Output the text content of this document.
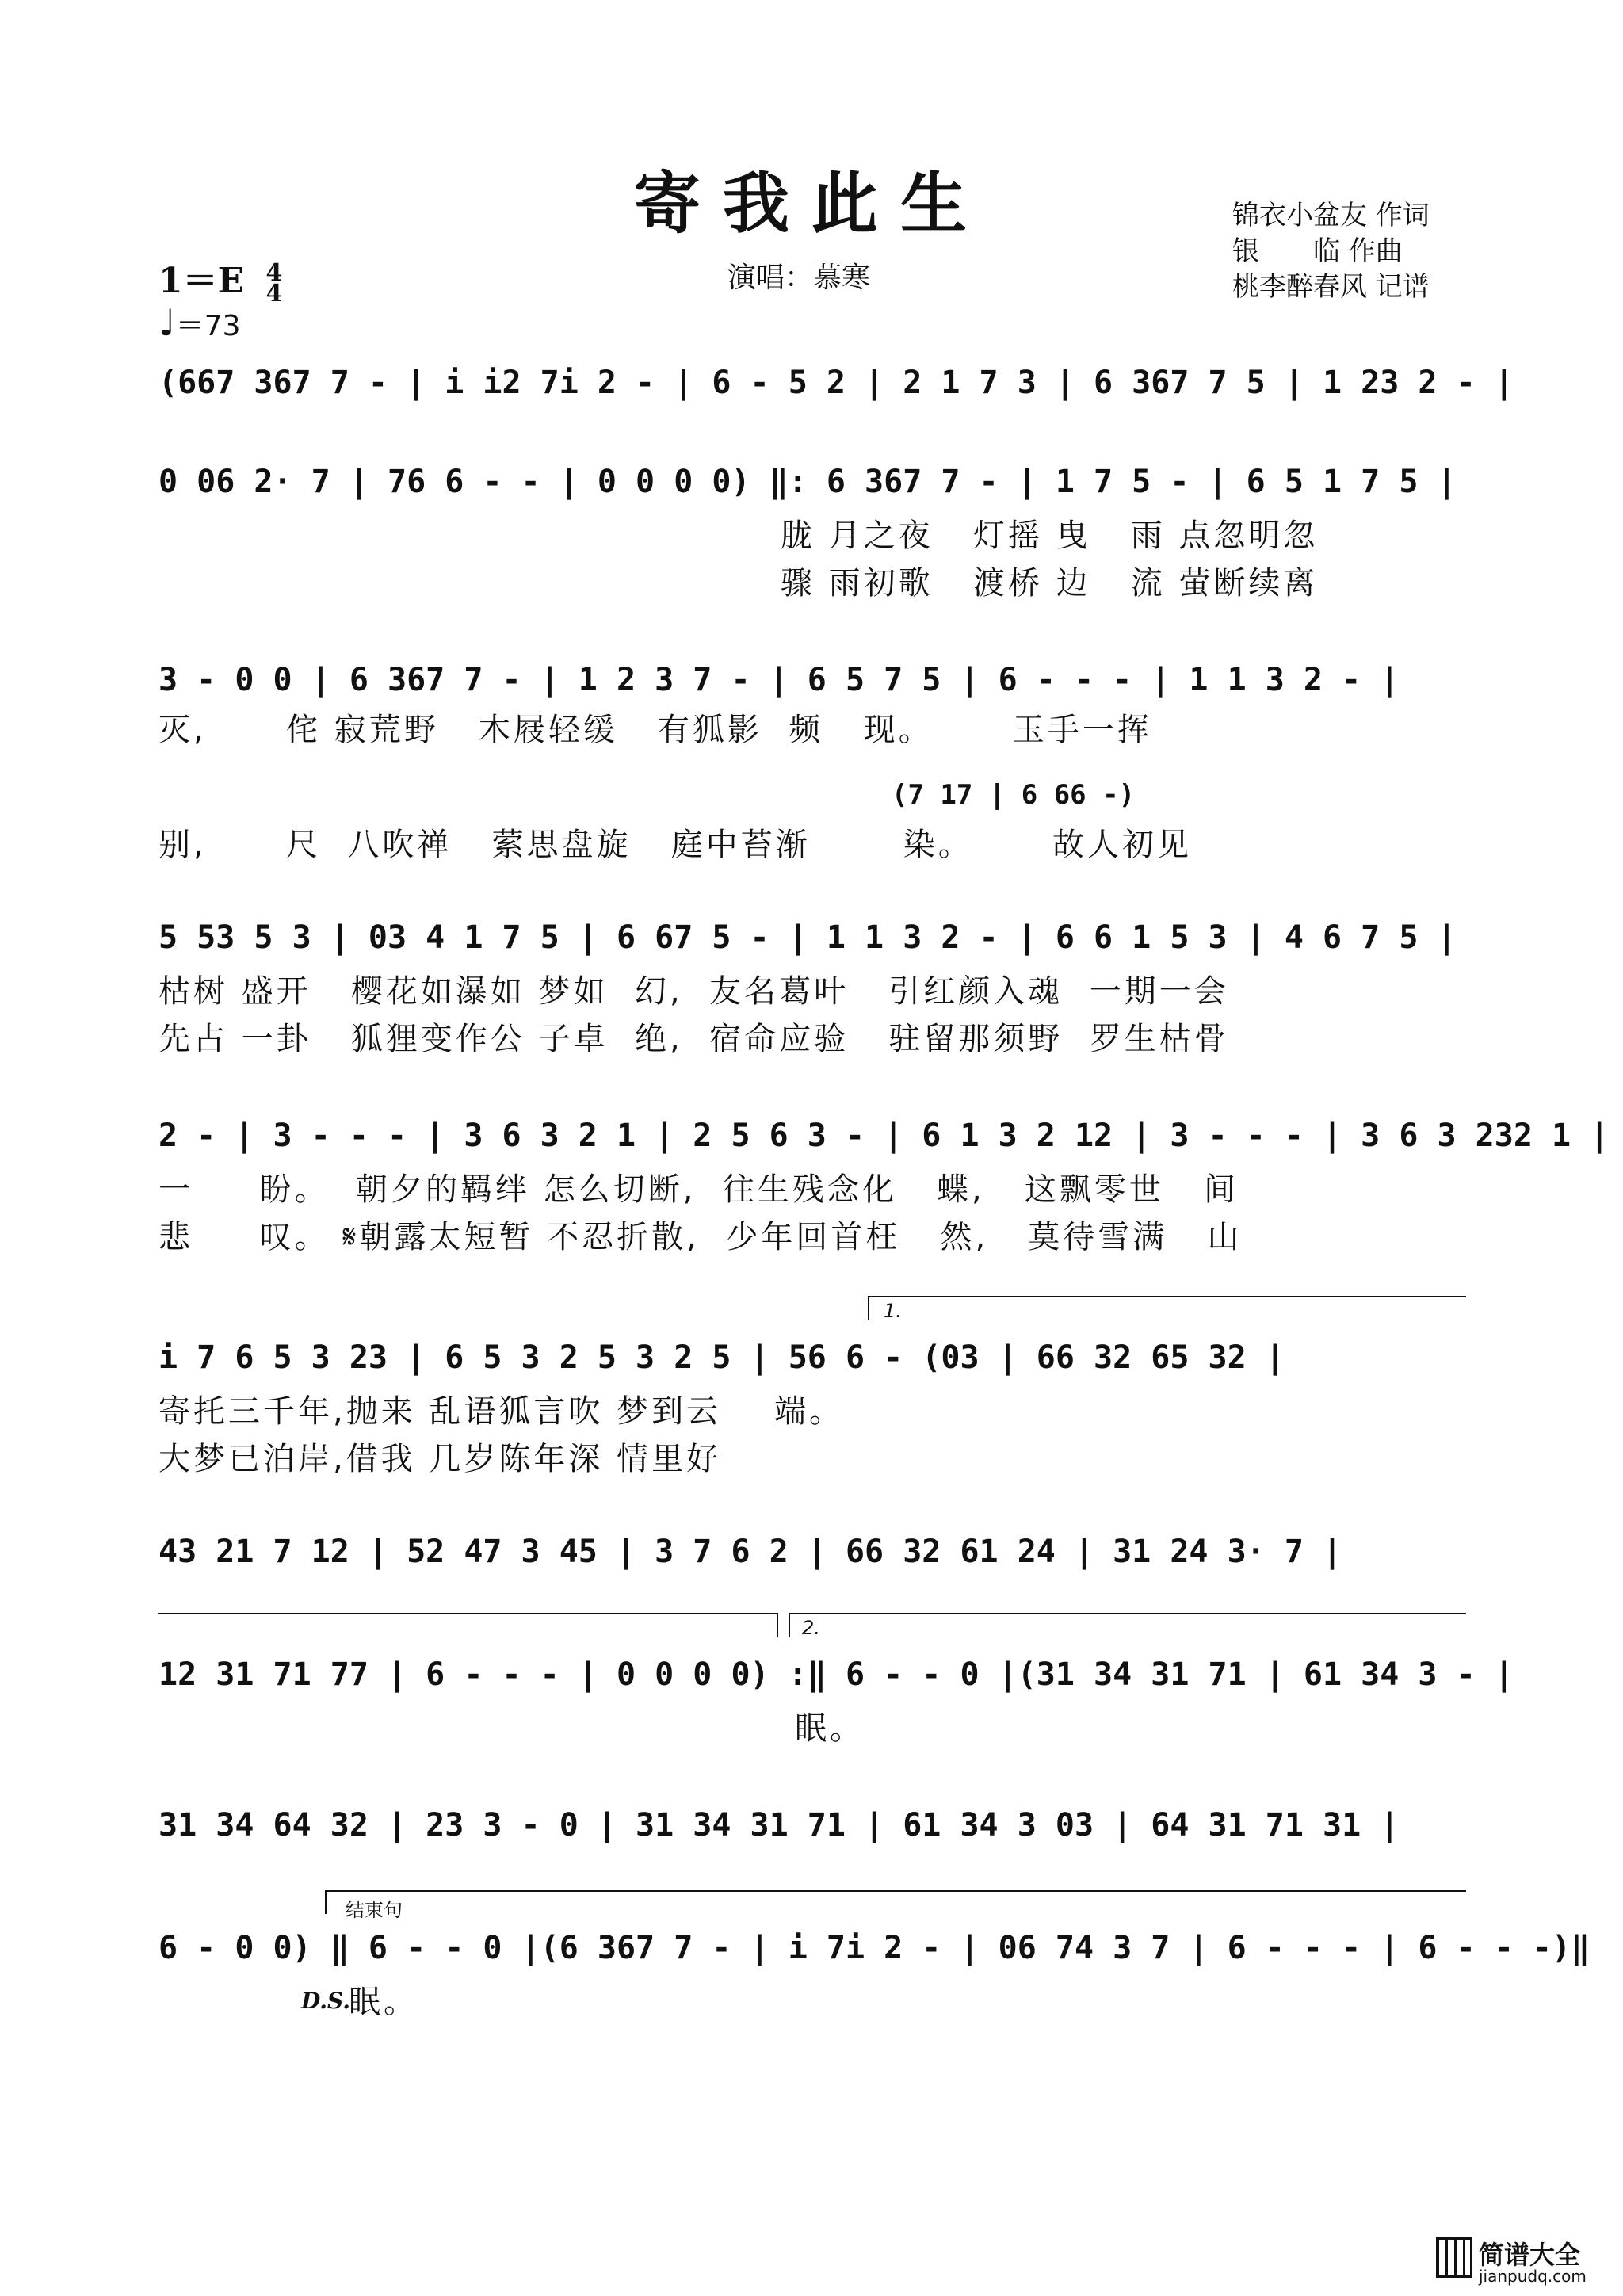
寄我此生
演唱：慕寒
锦衣小盆友 作词
银　　临 作曲
桃李醉春风 记谱
1＝E 4
4
♩＝73
(667 367 7 - | i i2 7i 2 - | 6 - 5 2 | 2 1 7 3 | 6 367 7 5 | 1 23 2 - |
0 06 2· 7 | 76 6 - - | 0 0 0 0) ‖: 6 367 7 - | 1 7 5 - | 6 5 1 7 5 |
胧 月之夜   灯摇 曳   雨 点忽明忽
骤 雨初歌   渡桥 边   流 萤断续离
3 - 0 0 | 6 367 7 - | 1 2 3 7 - | 6 5 7 5 | 6 - - - | 1 1 3 2 - |
灭,      侘 寂荒野   木屐轻缓   有狐影  频   现。      玉手一挥
(7 17 | 6 66 -)
别,      尺  八吹禅   萦思盘旋   庭中苔渐       染。      故人初见
5 53 5 3 | 03 4 1 7 5 | 6 67 5 - | 1 1 3 2 - | 6 6 1 5 3 | 4 6 7 5 |
枯树 盛开   樱花如瀑如 梦如  幻,  友名葛叶   引红颜入魂  一期一会
先占 一卦   狐狸变作公 子卓  绝,  宿命应验   驻留那须野  罗生枯骨
2 - | 3 - - - | 3 6 3 2 1 | 2 5 6 3 - | 6 1 3 2 12 | 3 - - - | 3 6 3 232 1 |
一     盼。  朝夕的羁绊 怎么切断,  往生残念化   蝶,   这飘零世   间
悲     叹。 𝄋朝露太短暂 不忍折散,  少年回首枉   然,   莫待雪满   山
1.
i 7 6 5 3 23 | 6 5 3 2 5 3 2 5 | 56 6 - (03 | 66 32 65 32 |
寄托三千年,抛来 乱语狐言吹 梦到云    端。
大梦已泊岸,借我 几岁陈年深 情里好
43 21 7 12 | 52 47 3 45 | 3 7 6 2 | 66 32 61 24 | 31 24 3· 7 |
2.
12 31 71 77 | 6 - - - | 0 0 0 0) :‖ 6 - - 0 |(31 34 31 71 | 61 34 3 - |
眠。
31 34 64 32 | 23 3 - 0 | 31 34 31 71 | 61 34 3 03 | 64 31 71 31 |
结束句
6 - 0 0) ‖ 6 - - 0 |(6 367 7 - | i 7i 2 - | 06 74 3 7 | 6 - - - | 6 - - -)‖
D.S.
眠。
简谱大全
jianpudq.com
